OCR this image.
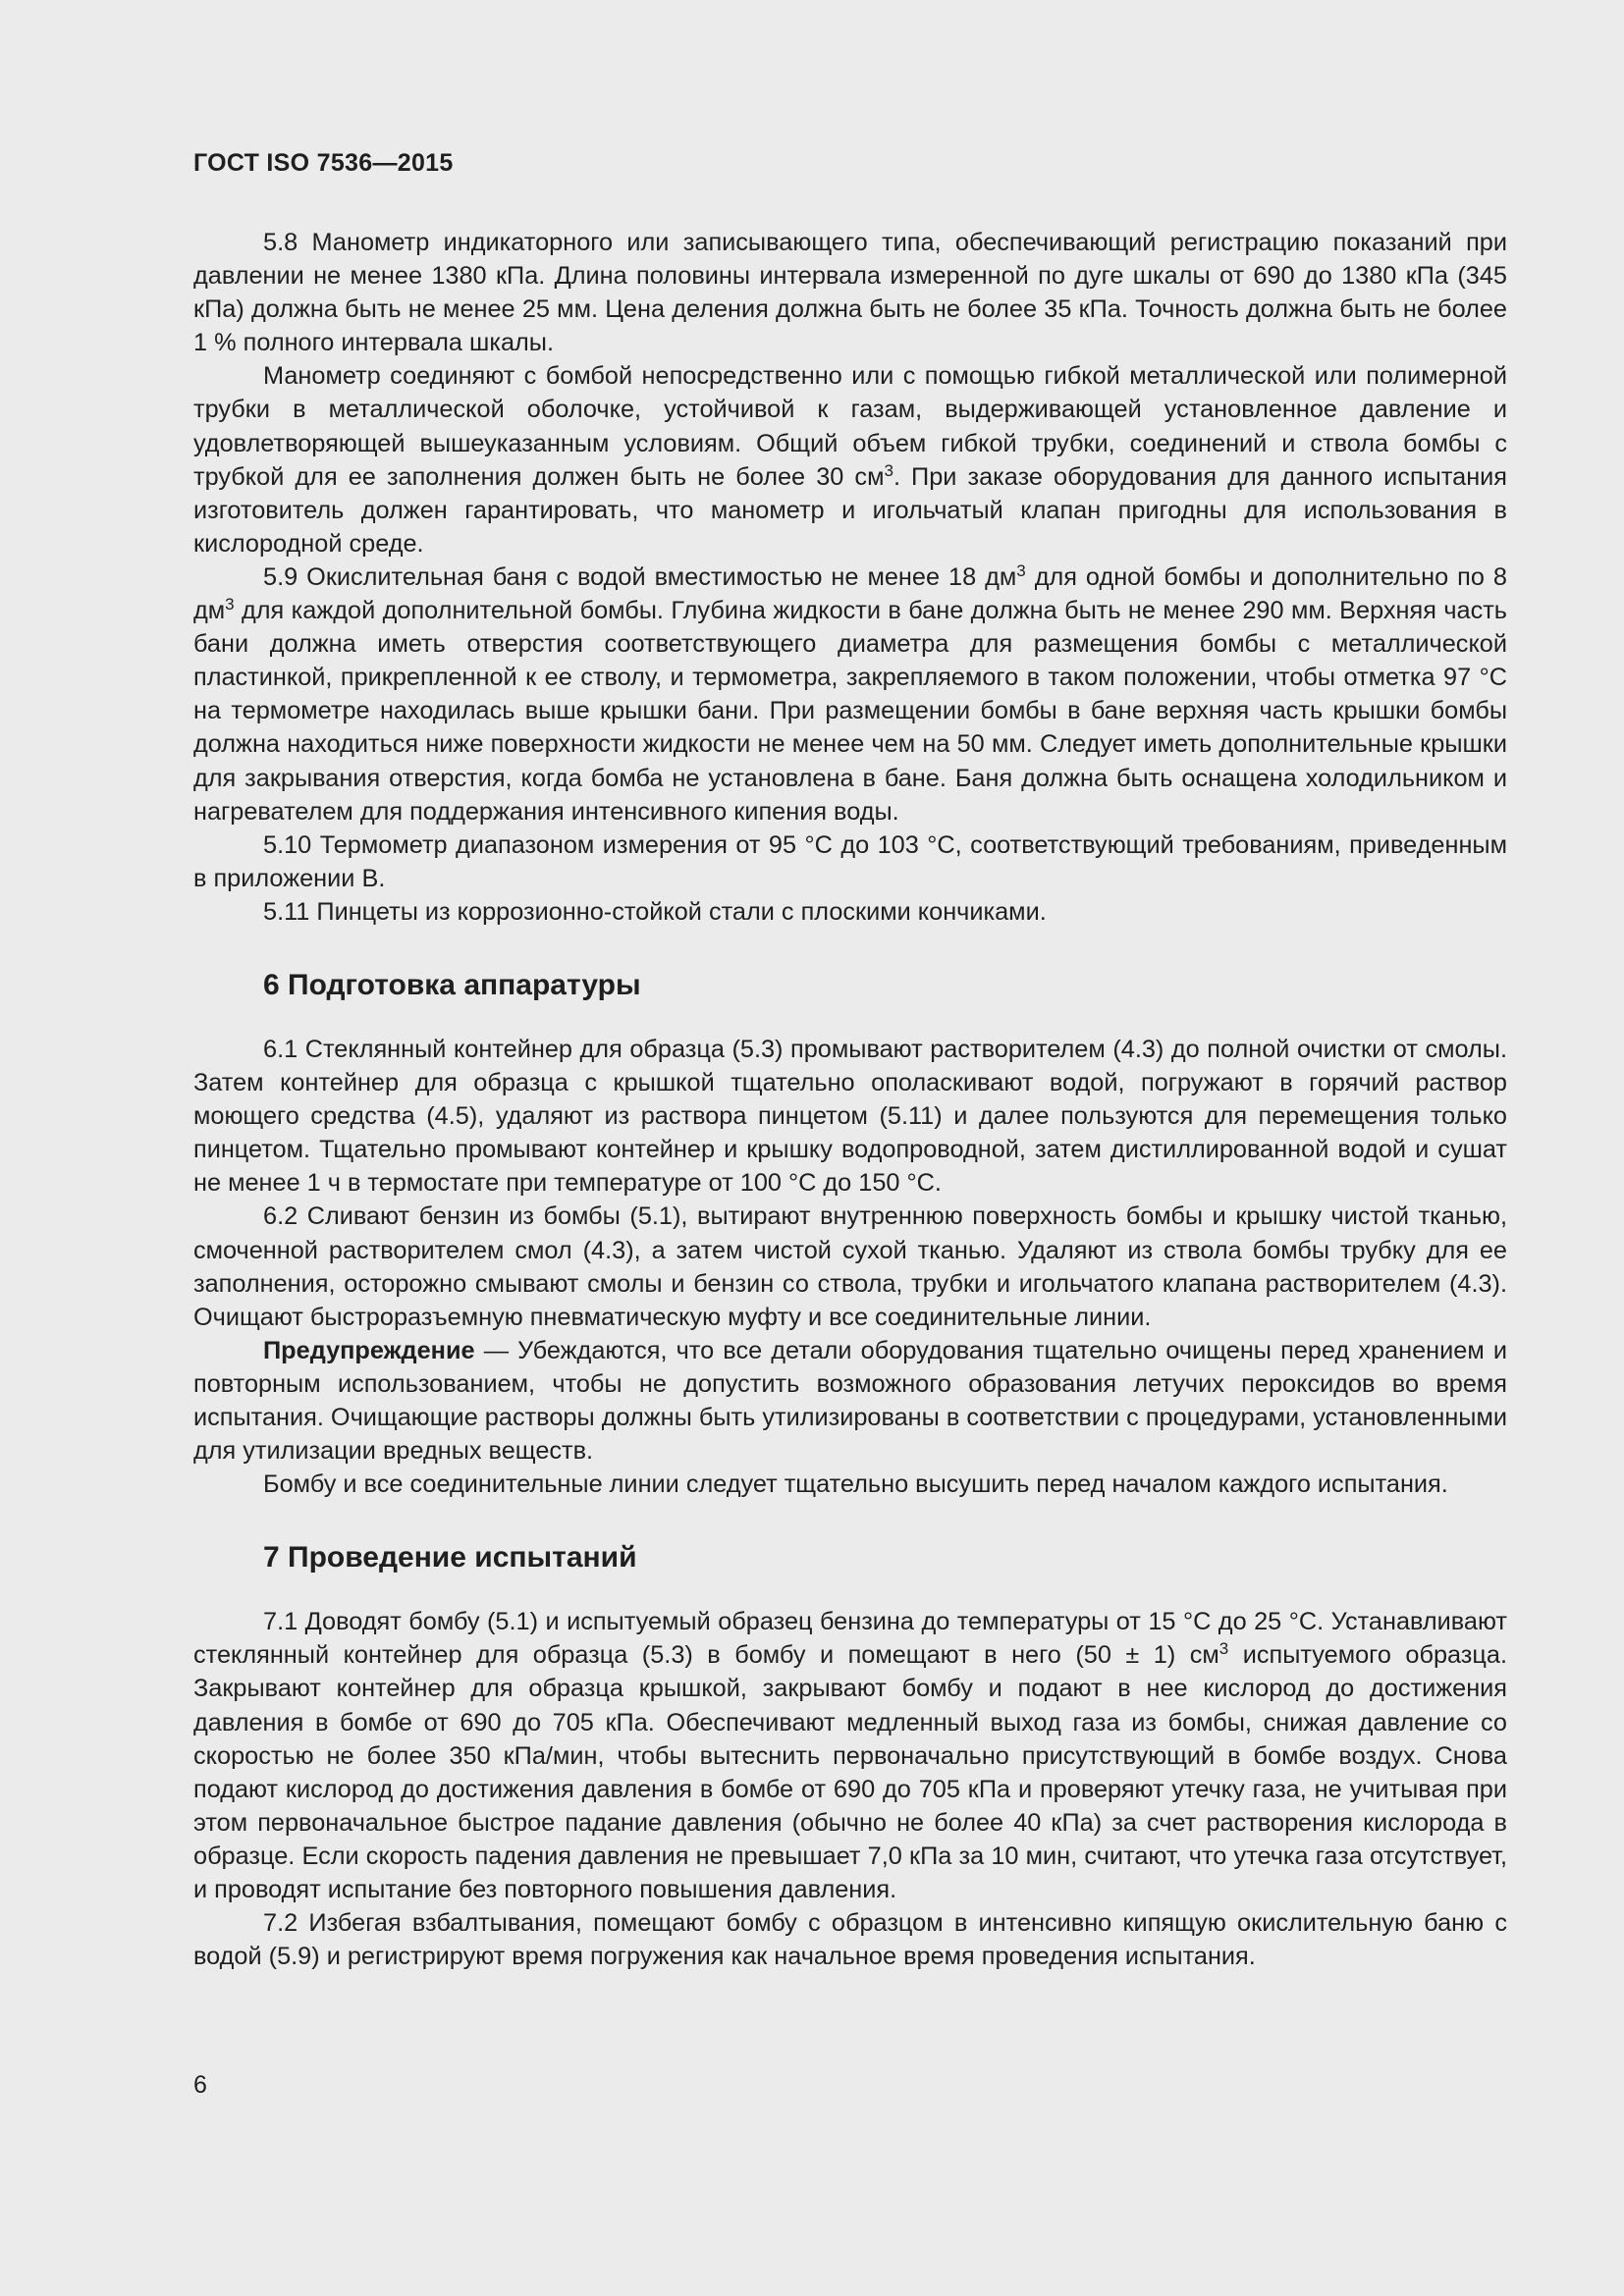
ГОСТ ISO 7536—2015

5.8 Манометр индикаторного или записывающего типа, обеспечивающий регистрацию показаний при давлении не менее 1380 кПа. Длина половины интервала измеренной по дуге шкалы от 690 до 1380 кПа (345 кПа) должна быть не менее 25 мм. Цена деления должна быть не более 35 кПа. Точность должна быть не более 1 % полного интервала шкалы.

Манометр соединяют с бомбой непосредственно или с помощью гибкой металлической или полимерной трубки в металлической оболочке, устойчивой к газам, выдерживающей установленное давление и удовлетворяющей вышеуказанным условиям. Общий объем гибкой трубки, соединений и ствола бомбы с трубкой для ее заполнения должен быть не более 30 $см^3$. При заказе оборудования для данного испытания изготовитель должен гарантировать, что манометр и игольчатый клапан пригодны для использования в кислородной среде.

5.9 Окислительная баня с водой вместимостью не менее 18 $дм^3$ для одной бомбы и дополнительно по 8 $дм^3$ для каждой дополнительной бомбы. Глубина жидкости в бане должна быть не менее 290 мм. Верхняя часть бани должна иметь отверстия соответствующего диаметра для размещения бомбы с металлической пластинкой, прикрепленной к ее стволу, и термометра, закрепляемого в таком положении, чтобы отметка 97 °С на термометре находилась выше крышки бани. При размещении бомбы в бане верхняя часть крышки бомбы должна находиться ниже поверхности жидкости не менее чем на 50 мм. Следует иметь дополнительные крышки для закрывания отверстия, когда бомба не установлена в бане. Баня должна быть оснащена холодильником и нагревателем для поддержания интенсивного кипения воды.

5.10 Термометр диапазоном измерения от 95 °С до 103 °С, соответствующий требованиям, приведенным в приложении В.

5.11 Пинцеты из коррозионно-стойкой стали с плоскими кончиками.

6 Подготовка аппаратуры

6.1 Стеклянный контейнер для образца (5.3) промывают растворителем (4.3) до полной очистки от смолы. Затем контейнер для образца с крышкой тщательно ополаскивают водой, погружают в горячий раствор моющего средства (4.5), удаляют из раствора пинцетом (5.11) и далее пользуются для перемещения только пинцетом. Тщательно промывают контейнер и крышку водопроводной, затем дистиллированной водой и сушат не менее 1 ч в термостате при температуре от 100 °С до 150 °С.

6.2 Сливают бензин из бомбы (5.1), вытирают внутреннюю поверхность бомбы и крышку чистой тканью, смоченной растворителем смол (4.3), а затем чистой сухой тканью. Удаляют из ствола бомбы трубку для ее заполнения, осторожно смывают смолы и бензин со ствола, трубки и игольчатого клапана растворителем (4.3). Очищают быстроразъемную пневматическую муфту и все соединительные линии.

Предупреждение — Убеждаются, что все детали оборудования тщательно очищены перед хранением и повторным использованием, чтобы не допустить возможного образования летучих пероксидов во время испытания. Очищающие растворы должны быть утилизированы в соответствии с процедурами, установленными для утилизации вредных веществ.

Бомбу и все соединительные линии следует тщательно высушить перед началом каждого испытания.

7 Проведение испытаний

7.1 Доводят бомбу (5.1) и испытуемый образец бензина до температуры от 15 °С до 25 °С. Устанавливают стеклянный контейнер для образца (5.3) в бомбу и помещают в него (50 ± 1) $см^3$ испытуемого образца. Закрывают контейнер для образца крышкой, закрывают бомбу и подают в нее кислород до достижения давления в бомбе от 690 до 705 кПа. Обеспечивают медленный выход газа из бомбы, снижая давление со скоростью не более 350 кПа/мин, чтобы вытеснить первоначально присутствующий в бомбе воздух. Снова подают кислород до достижения давления в бомбе от 690 до 705 кПа и проверяют утечку газа, не учитывая при этом первоначальное быстрое падание давления (обычно не более 40 кПа) за счет растворения кислорода в образце. Если скорость падения давления не превышает 7,0 кПа за 10 мин, считают, что утечка газа отсутствует, и проводят испытание без повторного повышения давления.

7.2 Избегая взбалтывания, помещают бомбу с образцом в интенсивно кипящую окислительную баню с водой (5.9) и регистрируют время погружения как начальное время проведения испытания.

6
